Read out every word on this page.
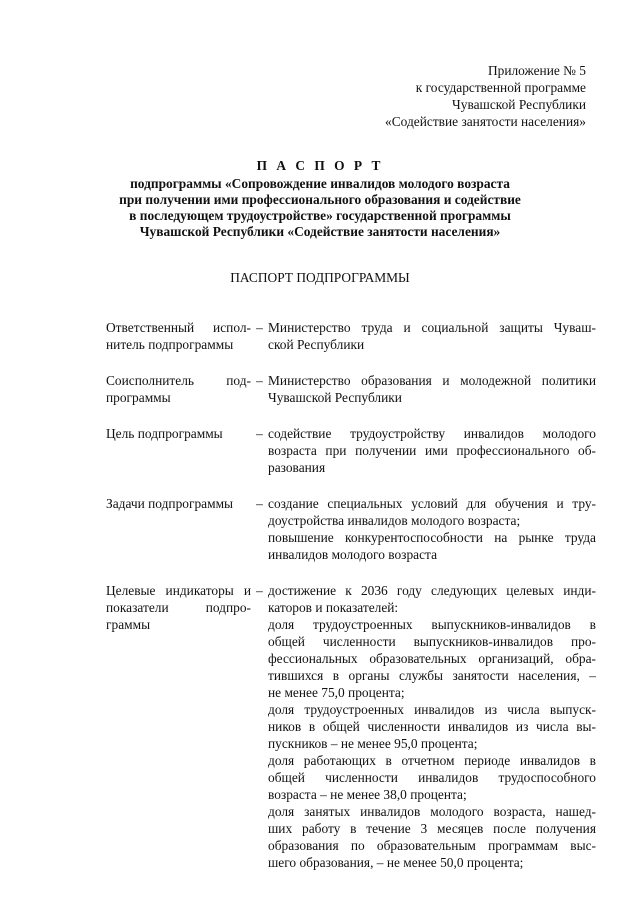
Приложение № 5
к государственной программе
Чувашской Республики
«Содействие занятости населения»
П А С П О Р Т
подпрограммы «Сопровождение инвалидов молодого возраста
при получении ими профессионального образования и содействие
в последующем трудоустройстве» государственной программы
Чувашской Республики «Содействие занятости населения»
ПАСПОРТ ПОДПРОГРАММЫ
Ответственный испол-
нитель подпрограммы
– Министерство труда и социальной защиты Чуваш-
ской Республики
Соисполнитель под-
программы
– Министерство образования и молодежной политики
Чувашской Республики
Цель подпрограммы	– содействие трудоустройству инвалидов молодого
возраста при получении ими профессионального об-
разования
Задачи подпрограммы	– создание специальных условий для обучения и тру-
доустройства инвалидов молодого возраста;
повышение конкурентоспособности на рынке труда
инвалидов молодого возраста
Целевые индикаторы и
показатели подпро-
граммы
– достижение к 2036 году следующих целевых инди-
каторов и показателей:
доля трудоустроенных выпускников-инвалидов в
общей численности выпускников-инвалидов про-
фессиональных образовательных организаций, обра-
тившихся в органы службы занятости населения, –
не менее 75,0 процента;
доля трудоустроенных инвалидов из числа выпуск-
ников в общей численности инвалидов из числа вы-
пускников – не менее 95,0 процента;
доля работающих в отчетном периоде инвалидов в
общей численности инвалидов трудоспособного
возраста – не менее 38,0 процента;
доля занятых инвалидов молодого возраста, нашед-
ших работу в течение 3 месяцев после получения
образования по образовательным программам выс-
шего образования, – не менее 50,0 процента;
